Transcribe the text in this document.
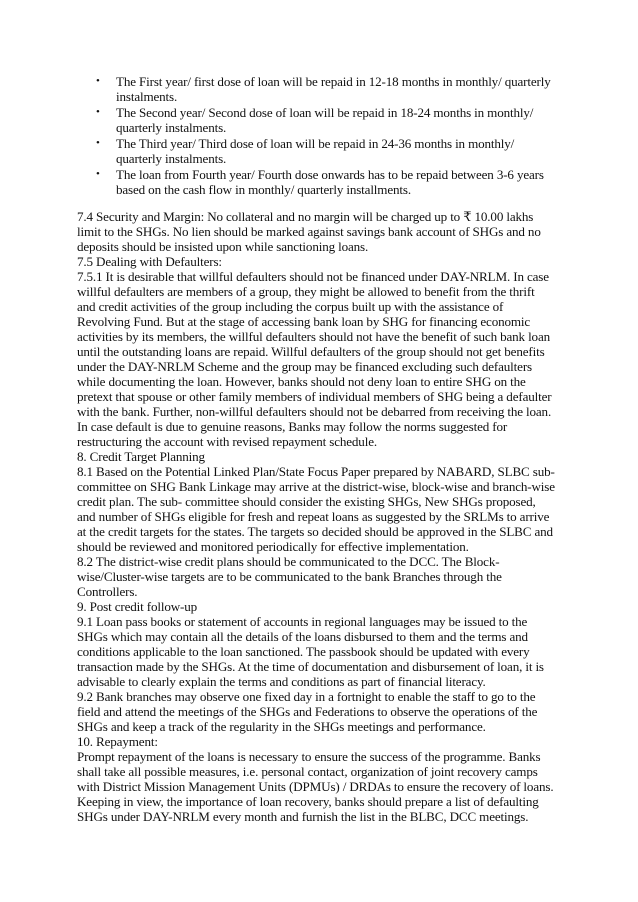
• The First year/ first dose of loan will be repaid in 12-18 months in monthly/ quarterly
instalments.
• The Second year/ Second dose of loan will be repaid in 18-24 months in monthly/
quarterly instalments.
• The Third year/ Third dose of loan will be repaid in 24-36 months in monthly/
quarterly instalments.
• The loan from Fourth year/ Fourth dose onwards has to be repaid between 3-6 years
based on the cash flow in monthly/ quarterly installments.
7.4 Security and Margin: No collateral and no margin will be charged up to ₹ 10.00 lakhs
limit to the SHGs. No lien should be marked against savings bank account of SHGs and no
deposits should be insisted upon while sanctioning loans.
7.5 Dealing with Defaulters:
7.5.1 It is desirable that willful defaulters should not be financed under DAY-NRLM. In case
willful defaulters are members of a group, they might be allowed to benefit from the thrift
and credit activities of the group including the corpus built up with the assistance of
Revolving Fund. But at the stage of accessing bank loan by SHG for financing economic
activities by its members, the willful defaulters should not have the benefit of such bank loan
until the outstanding loans are repaid. Willful defaulters of the group should not get benefits
under the DAY-NRLM Scheme and the group may be financed excluding such defaulters
while documenting the loan. However, banks should not deny loan to entire SHG on the
pretext that spouse or other family members of individual members of SHG being a defaulter
with the bank. Further, non-willful defaulters should not be debarred from receiving the loan.
In case default is due to genuine reasons, Banks may follow the norms suggested for
restructuring the account with revised repayment schedule.
8. Credit Target Planning
8.1 Based on the Potential Linked Plan/State Focus Paper prepared by NABARD, SLBC sub-
committee on SHG Bank Linkage may arrive at the district-wise, block-wise and branch-wise
credit plan. The sub- committee should consider the existing SHGs, New SHGs proposed,
and number of SHGs eligible for fresh and repeat loans as suggested by the SRLMs to arrive
at the credit targets for the states. The targets so decided should be approved in the SLBC and
should be reviewed and monitored periodically for effective implementation.
8.2 The district-wise credit plans should be communicated to the DCC. The Block-
wise/Cluster-wise targets are to be communicated to the bank Branches through the
Controllers.
9. Post credit follow-up
9.1 Loan pass books or statement of accounts in regional languages may be issued to the
SHGs which may contain all the details of the loans disbursed to them and the terms and
conditions applicable to the loan sanctioned. The passbook should be updated with every
transaction made by the SHGs. At the time of documentation and disbursement of loan, it is
advisable to clearly explain the terms and conditions as part of financial literacy.
9.2 Bank branches may observe one fixed day in a fortnight to enable the staff to go to the
field and attend the meetings of the SHGs and Federations to observe the operations of the
SHGs and keep a track of the regularity in the SHGs meetings and performance.
10. Repayment:
Prompt repayment of the loans is necessary to ensure the success of the programme. Banks
shall take all possible measures, i.e. personal contact, organization of joint recovery camps
with District Mission Management Units (DPMUs) / DRDAs to ensure the recovery of loans.
Keeping in view, the importance of loan recovery, banks should prepare a list of defaulting
SHGs under DAY-NRLM every month and furnish the list in the BLBC, DCC meetings.
